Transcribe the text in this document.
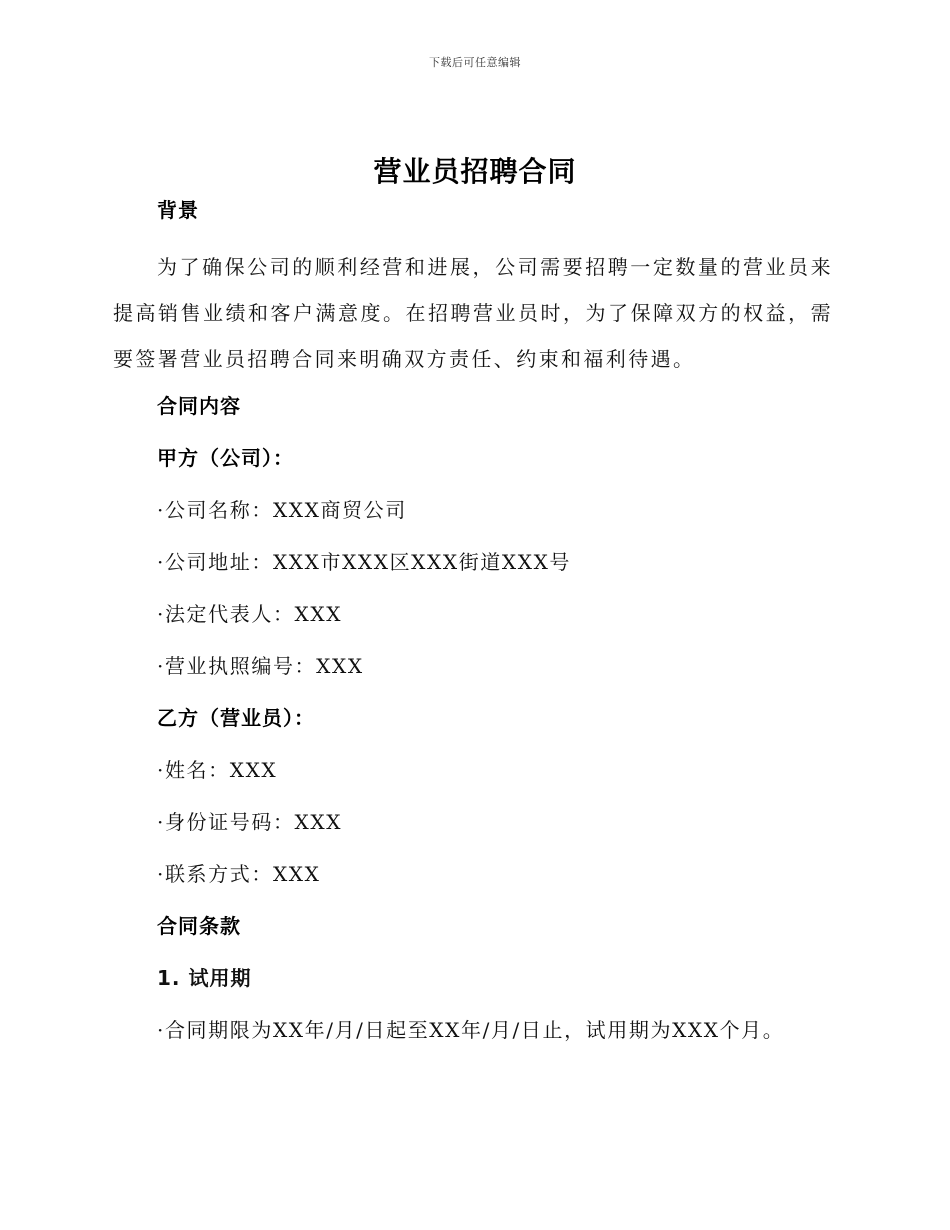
下载后可任意编辑
营业员招聘合同
背景

为了确保公司的顺利经营和进展，公司需要招聘一定数量的营业员来提高销售业绩和客户满意度。在招聘营业员时，为了保障双方的权益，需要签署营业员招聘合同来明确双方责任、约束和福利待遇。

合同内容
甲方（公司）：
·公司名称：XXX商贸公司
·公司地址：XXX市XXX区XXX街道XXX号
·法定代表人：XXX
·营业执照编号：XXX
乙方（营业员）：
·姓名：XXX
·身份证号码：XXX
·联系方式：XXX
合同条款
1. 试用期
·合同期限为XX年/月/日起至XX年/月/日止，试用期为XXX个月。
